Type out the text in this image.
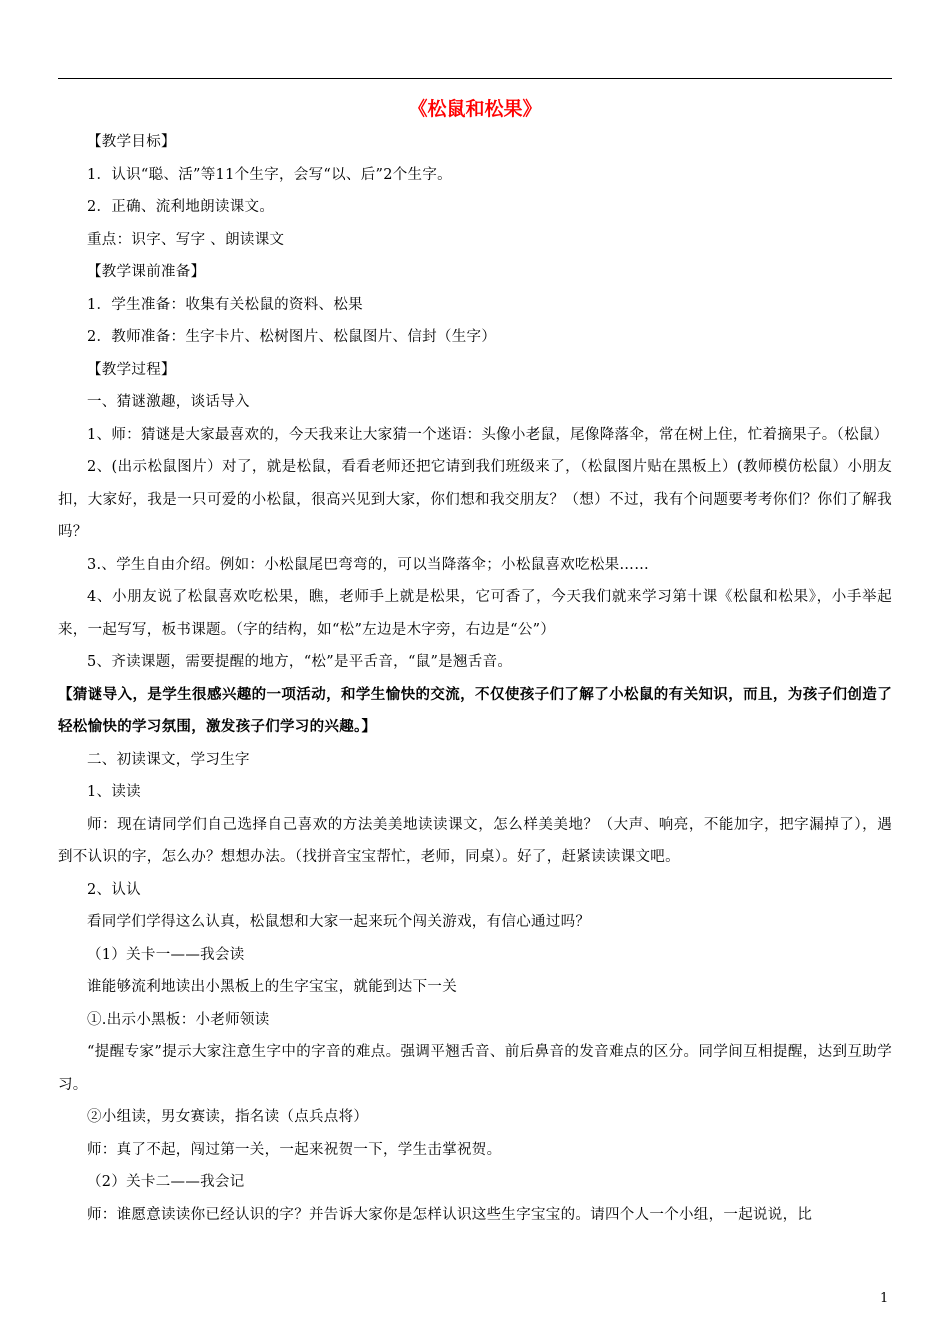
《松鼠和松果》

【教学目标】

1．认识“聪、活”等11个生字，会写“以、后”2个生字。

2．正确、流利地朗读课文。

重点：识字、写字 、朗读课文

【教学课前准备】

1．学生准备：收集有关松鼠的资料、松果

2．教师准备：生字卡片、松树图片、松鼠图片、信封（生字）

【教学过程】

一、猜谜激趣，谈话导入

1、师：猜谜是大家最喜欢的，今天我来让大家猜一个迷语：头像小老鼠，尾像降落伞，常在树上住，忙着摘果子。（松鼠）

2、(出示松鼠图片）对了，就是松鼠，看看老师还把它请到我们班级来了，（松鼠图片贴在黑板上）(教师模仿松鼠）小朋友扣，大家好，我是一只可爱的小松鼠，很高兴见到大家，你们想和我交朋友？（想）不过，我有个问题要考考你们？你们了解我吗？

3.、学生自由介绍。例如：小松鼠尾巴弯弯的，可以当降落伞；小松鼠喜欢吃松果……

4、小朋友说了松鼠喜欢吃松果，瞧，老师手上就是松果，它可香了，今天我们就来学习第十课《松鼠和松果》，小手举起来，一起写写，板书课题。（字的结构，如“松”左边是木字旁，右边是“公”）

5、齐读课题，需要提醒的地方，“松”是平舌音，“鼠”是翘舌音。

【猜谜导入，是学生很感兴趣的一项活动，和学生愉快的交流，不仅使孩子们了解了小松鼠的有关知识，而且，为孩子们创造了轻松愉快的学习氛围，激发孩子们学习的兴趣。】

二、初读课文，学习生字

1、读读

师：现在请同学们自己选择自己喜欢的方法美美地读读课文，怎么样美美地？（大声、响亮，不能加字，把字漏掉了），遇到不认识的字，怎么办？想想办法。（找拼音宝宝帮忙，老师，同桌）。好了，赶紧读读课文吧。

2、认认

看同学们学得这么认真，松鼠想和大家一起来玩个闯关游戏，有信心通过吗？

（1）关卡一——我会读

谁能够流利地读出小黑板上的生字宝宝，就能到达下一关

①.出示小黑板：小老师领读

“提醒专家”提示大家注意生字中的字音的难点。强调平翘舌音、前后鼻音的发音难点的区分。同学间互相提醒，达到互助学习。

②小组读，男女赛读，指名读（点兵点将）

师：真了不起，闯过第一关，一起来祝贺一下，学生击掌祝贺。

（2）关卡二——我会记

师：谁愿意读读你已经认识的字？并告诉大家你是怎样认识这些生字宝宝的。请四个人一个小组，一起说说，比

1
